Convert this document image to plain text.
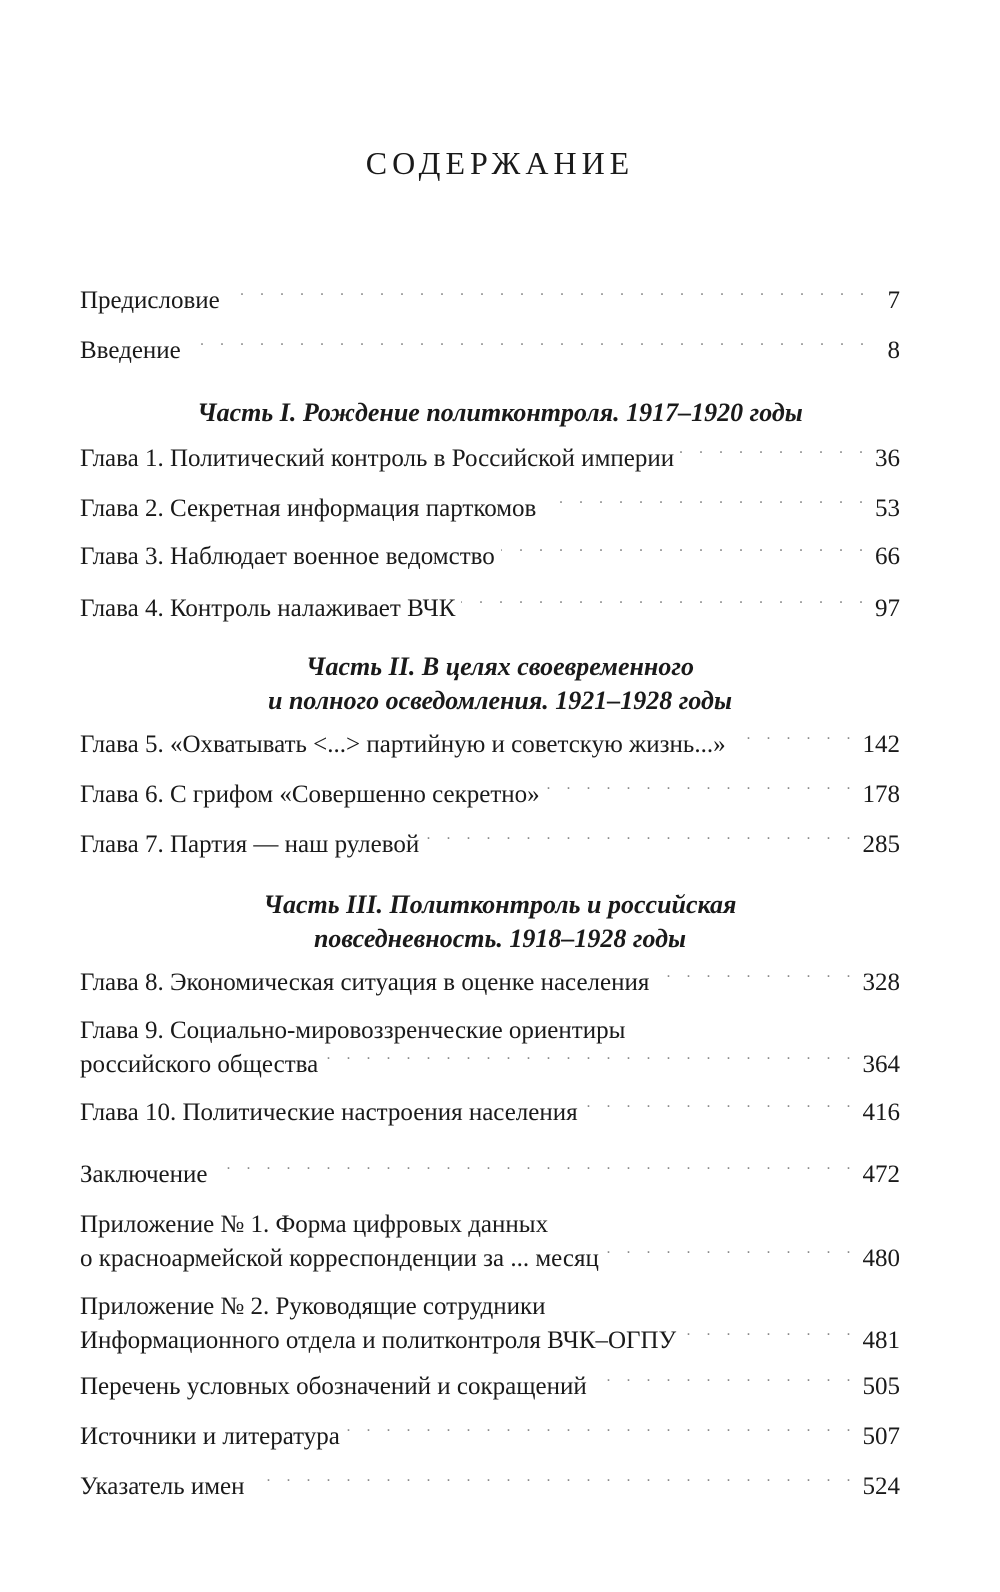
СОДЕРЖАНИЕ
Предисловие . . .	7
Введение . . .	8
Часть I. Рождение политконтроля. 1917–1920 годы
Глава 1. Политический контроль в Российской империи . . .	36
Глава 2. Секретная информация парткомов . . .	53
Глава 3. Наблюдает военное ведомство . . .	66
Глава 4. Контроль налаживает ВЧК . . .	97
Часть II. В целях своевременного
и полного осведомления. 1921–1928 годы
Глава 5. «Охватывать <...> партийную и советскую жизнь...» . . .	142
Глава 6. С грифом «Совершенно секретно» . . .	178
Глава 7. Партия — наш рулевой . . .	285
Часть III. Политконтроль и российская
повседневность. 1918–1928 годы
Глава 8. Экономическая ситуация в оценке населения . . .	328
Глава 9. Социально-мировоззренческие ориентиры
российского общества . . .	364
Глава 10. Политические настроения населения . . .	416
Заключение . . .	472
Приложение № 1. Форма цифровых данных
о красноармейской корреспонденции за ... месяц . . .	480
Приложение № 2. Руководящие сотрудники
Информационного отдела и политконтроля ВЧК–ОГПУ . . .	481
Перечень условных обозначений и сокращений . . .	505
Источники и литература . . .	507
Указатель имен . . .	524
